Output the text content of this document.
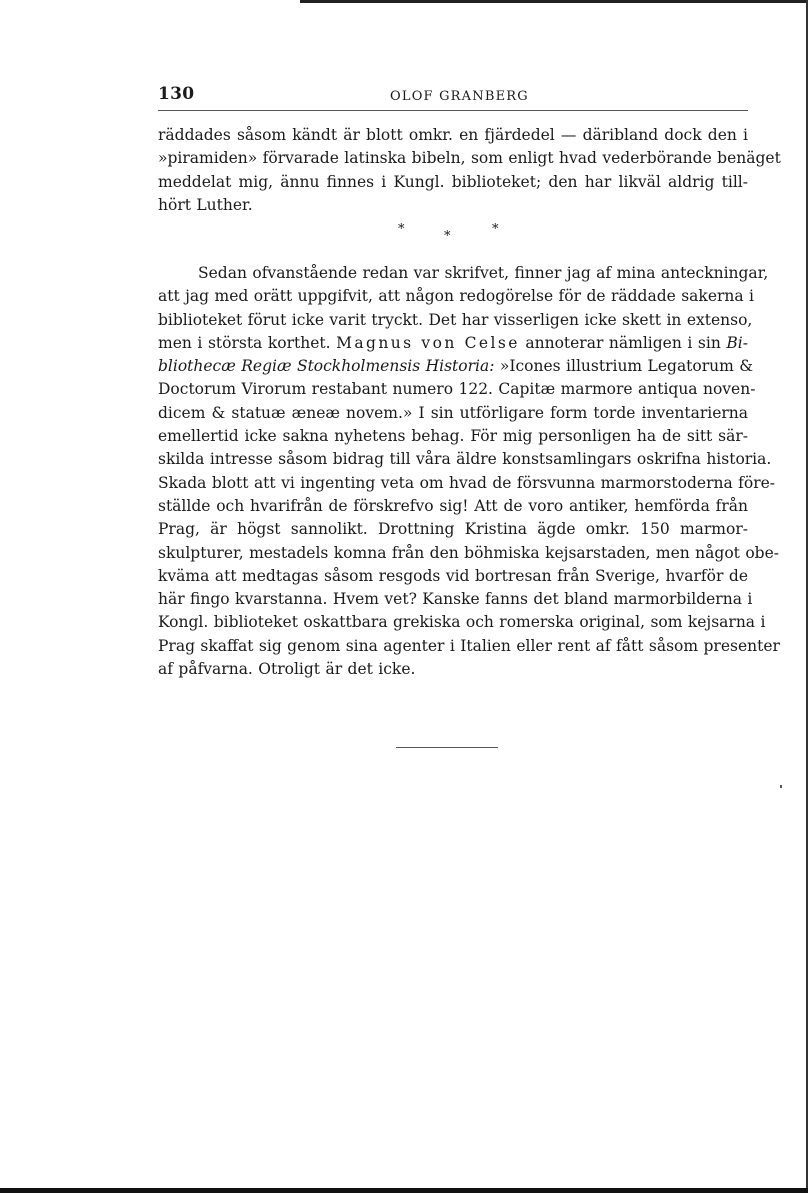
130	OLOF GRANBERG
räddades såsom kändt är blott omkr. en fjärdedel — däribland dock den i
»piramiden» förvarade latinska bibeln, som enligt hvad vederbörande benäget
meddelat mig, ännu finnes i Kungl. biblioteket; den har likväl aldrig till-
hört Luther.
*	*	*
Sedan ofvanstående redan var skrifvet, finner jag af mina anteckningar,
att jag med orätt uppgifvit, att någon redogörelse för de räddade sakerna i
biblioteket förut icke varit tryckt. Det har visserligen icke skett in extenso,
men i största korthet. Magnus von Celse annoterar nämligen i sin Bi-
bliothecæ Regiæ Stockholmensis Historia: »Icones illustrium Legatorum &
Doctorum Virorum restabant numero 122. Capitæ marmore antiqua noven-
dicem & statuæ æneæ novem.» I sin utförligare form torde inventarierna
emellertid icke sakna nyhetens behag. För mig personligen ha de sitt sär-
skilda intresse såsom bidrag till våra äldre konstsamlingars oskrifna historia.
Skada blott att vi ingenting veta om hvad de försvunna marmorstoderna före-
ställde och hvarifrån de förskrefvo sig! Att de voro antiker, hemförda från
Prag, är högst sannolikt. Drottning Kristina ägde omkr. 150 marmor-
skulpturer, mestadels komna från den böhmiska kejsarstaden, men något obe-
kväma att medtagas såsom resgods vid bortresan från Sverige, hvarför de
här fingo kvarstanna. Hvem vet? Kanske fanns det bland marmorbilderna i
Kongl. biblioteket oskattbara grekiska och romerska original, som kejsarna i
Prag skaffat sig genom sina agenter i Italien eller rent af fått såsom presenter
af påfvarna. Otroligt är det icke.
